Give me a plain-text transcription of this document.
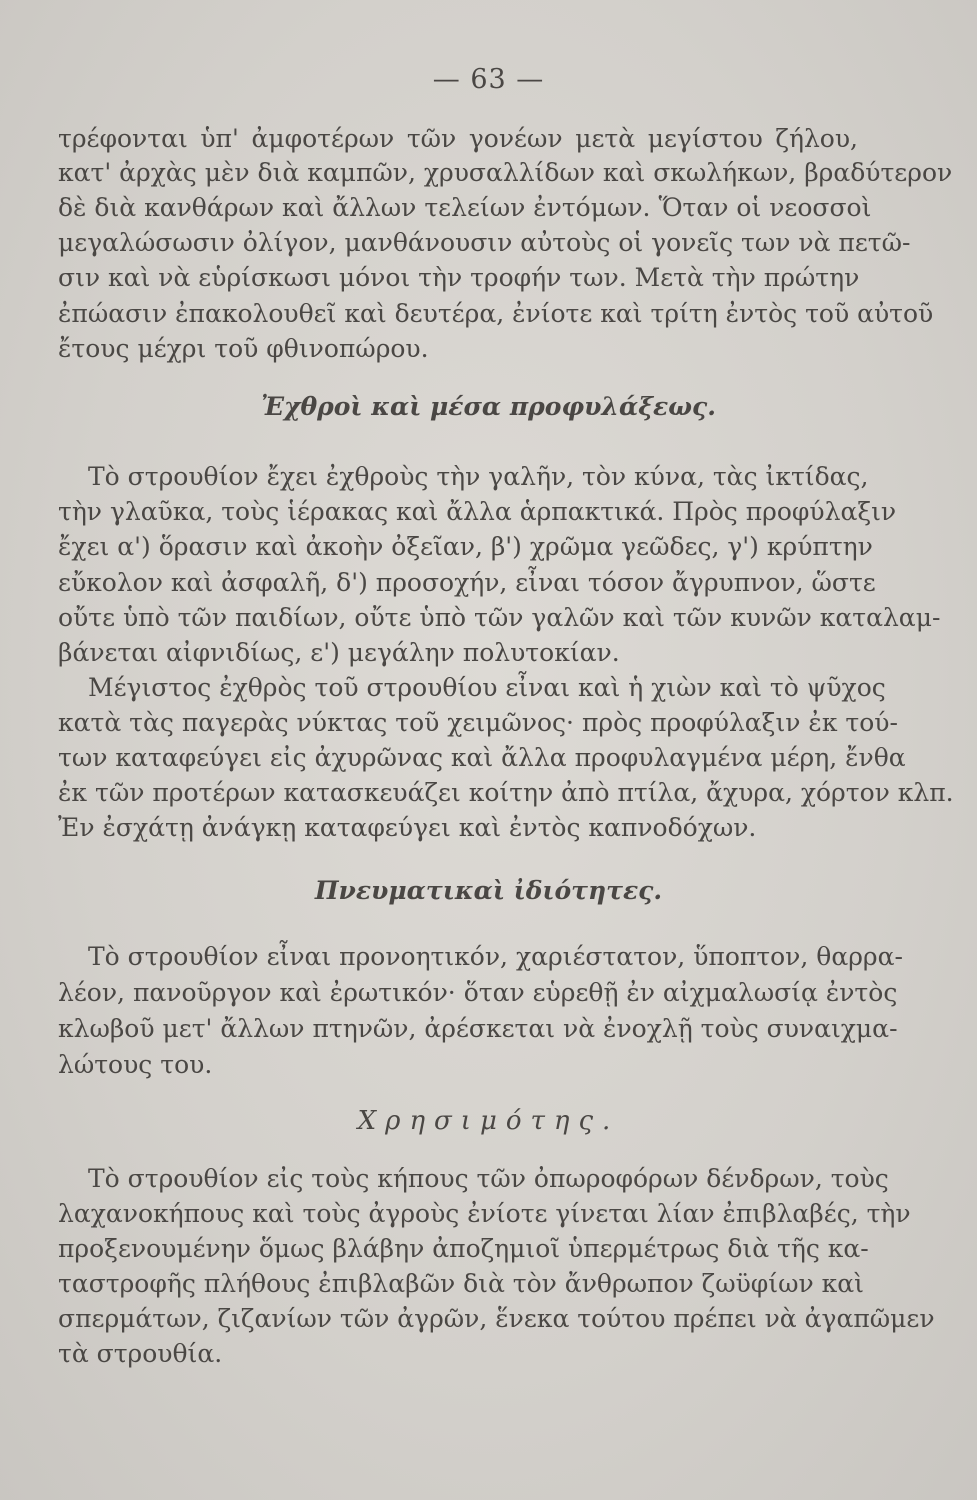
— 63 —
τρέφονται ὑπ' ἀμφοτέρων τῶν γονέων μετὰ μεγίστου ζήλου,
κατ' ἀρχὰς μὲν διὰ καμπῶν, χρυσαλλίδων καὶ σκωλήκων, βραδύτερον
δὲ διὰ κανθάρων καὶ ἄλλων τελείων ἐντόμων. Ὅταν οἱ νεοσσοὶ
μεγαλώσωσιν ὀλίγον, μανθάνουσιν αὐτοὺς οἱ γονεῖς των νὰ πετῶ-
σιν καὶ νὰ εὑρίσκωσι μόνοι τὴν τροφήν των. Μετὰ τὴν πρώτην
ἐπώασιν ἐπακολουθεῖ καὶ δευτέρα, ἐνίοτε καὶ τρίτη ἐντὸς τοῦ αὐτοῦ
ἔτους μέχρι τοῦ φθινοπώρου.
Ἐχθροὶ καὶ μέσα προφυλάξεως.
Τὸ στρουθίον ἔχει ἐχθροὺς τὴν γαλῆν, τὸν κύνα, τὰς ἰκτίδας,
τὴν γλαῦκα, τοὺς ἱέρακας καὶ ἄλλα ἁρπακτικά. Πρὸς προφύλαξιν
ἔχει α') ὅρασιν καὶ ἀκοὴν ὀξεῖαν, β') χρῶμα γεῶδες, γ') κρύπτην
εὔκολον καὶ ἀσφαλῆ, δ') προσοχήν, εἶναι τόσον ἄγρυπνον, ὥστε
οὔτε ὑπὸ τῶν παιδίων, οὔτε ὑπὸ τῶν γαλῶν καὶ τῶν κυνῶν καταλαμ-
βάνεται αἰφνιδίως, ε') μεγάλην πολυτοκίαν.
Μέγιστος ἐχθρὸς τοῦ στρουθίου εἶναι καὶ ἡ χιὼν καὶ τὸ ψῦχος
κατὰ τὰς παγερὰς νύκτας τοῦ χειμῶνος· πρὸς προφύλαξιν ἐκ τού-
των καταφεύγει εἰς ἀχυρῶνας καὶ ἄλλα προφυλαγμένα μέρη, ἔνθα
ἐκ τῶν προτέρων κατασκευάζει κοίτην ἀπὸ πτίλα, ἄχυρα, χόρτον κλπ.
Ἐν ἐσχάτῃ ἀνάγκῃ καταφεύγει καὶ ἐντὸς καπνοδόχων.
Πνευματικαὶ ἰδιότητες.
Τὸ στρουθίον εἶναι προνοητικόν, χαριέστατον, ὕποπτον, θαρρα-
λέον, πανοῦργον καὶ ἐρωτικόν· ὅταν εὑρεθῇ ἐν αἰχμαλωσίᾳ ἐντὸς
κλωβοῦ μετ' ἄλλων πτηνῶν, ἀρέσκεται νὰ ἐνοχλῇ τοὺς συναιχμα-
λώτους του.
Χρησιμότης.
Τὸ στρουθίον εἰς τοὺς κήπους τῶν ὀπωροφόρων δένδρων, τοὺς
λαχανοκήπους καὶ τοὺς ἀγροὺς ἐνίοτε γίνεται λίαν ἐπιβλαβές, τὴν
προξενουμένην ὅμως βλάβην ἀποζημιοῖ ὑπερμέτρως διὰ τῆς κα-
ταστροφῆς πλήθους ἐπιβλαβῶν διὰ τὸν ἄνθρωπον ζωϋφίων καὶ
σπερμάτων, ζιζανίων τῶν ἀγρῶν, ἕνεκα τούτου πρέπει νὰ ἀγαπῶμεν
τὰ στρουθία.
